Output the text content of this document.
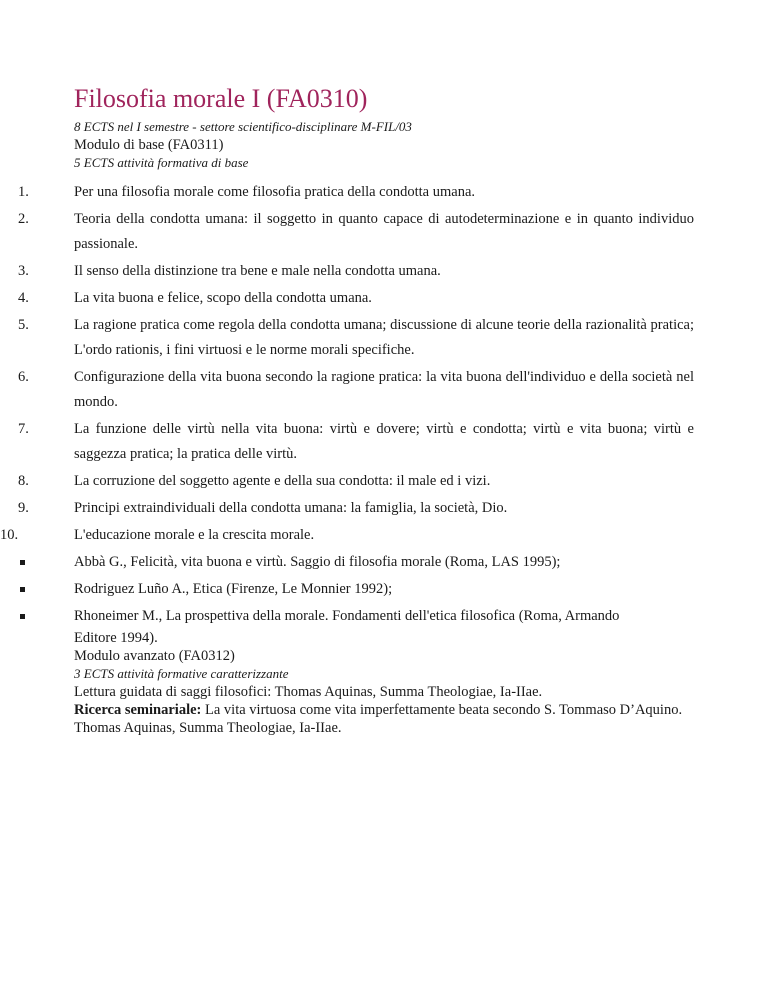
Filosofia morale I (FA0310)

8 ECTS nel I semestre - settore scientifico-disciplinare M-FIL/03

Modulo di base (FA0311)

5 ECTS attività formativa di base

1.	Per una filosofia morale come filosofia pratica della condotta umana.
2.	Teoria della condotta umana: il soggetto in quanto capace di autodeterminazione e in quanto individuo passionale.
3.	Il senso della distinzione tra bene e male nella condotta umana.
4.	La vita buona e felice, scopo della condotta umana.
5.	La ragione pratica come regola della condotta umana; discussione di alcune teorie della razionalità pratica; L'ordo rationis, i fini virtuosi e le norme morali specifiche.
6.	Configurazione della vita buona secondo la ragione pratica: la vita buona dell'individuo e della società nel mondo.
7.	La funzione delle virtù nella vita buona: virtù e dovere; virtù e condotta; virtù e vita buona; virtù e saggezza pratica; la pratica delle virtù.
8.	La corruzione del soggetto agente e della sua condotta: il male ed i vizi.
9.	Principi extraindividuali della condotta umana: la famiglia, la società, Dio.
10.	L'educazione morale e la crescita morale.
Abbà G., Felicità, vita buona e virtù. Saggio di filosofia morale (Roma, LAS 1995);
Rodriguez Luño A., Etica (Firenze, Le Monnier 1992);
Rhoneimer M., La prospettiva della morale. Fondamenti dell'etica filosofica (Roma, Armando

Editore 1994).

Modulo avanzato (FA0312)

3 ECTS attività formative caratterizzante

Lettura guidata di saggi filosofici: Thomas Aquinas, Summa Theologiae, Ia-IIae.

Ricerca seminariale: La vita virtuosa come vita imperfettamente beata secondo S. Tommaso D’Aquino.

Thomas Aquinas, Summa Theologiae, Ia-IIae.
